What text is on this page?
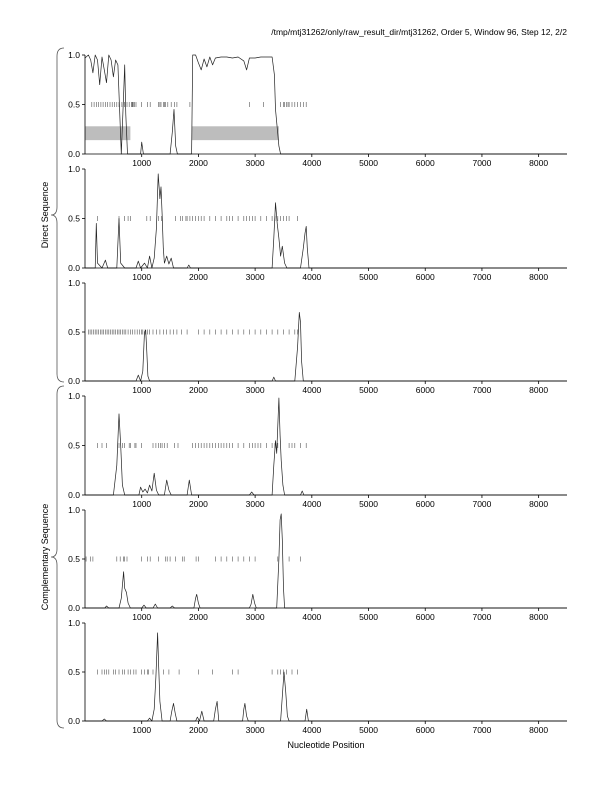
/tmp/mtj31262/only/raw_result_dir/mtj31262, Order 5, Window 96, Step 12, 2/2
0.0
0.5
1.0
1000	2000	3000	4000	5000	6000	7000	8000
0.0
0.5
1.0
1000	2000	3000	4000	5000	6000	7000	8000
0.0
0.5
1.0
1000	2000	3000	4000	5000	6000	7000	8000
0.0
0.5
1.0
1000	2000	3000	4000	5000	6000	7000	8000
0.0
0.5
1.0
1000	2000	3000	4000	5000	6000	7000	8000
0.0
0.5
1.0
1000	2000	3000	4000	5000	6000	7000	8000
Direct Sequence
Complementary Sequence
Nucleotide Position
